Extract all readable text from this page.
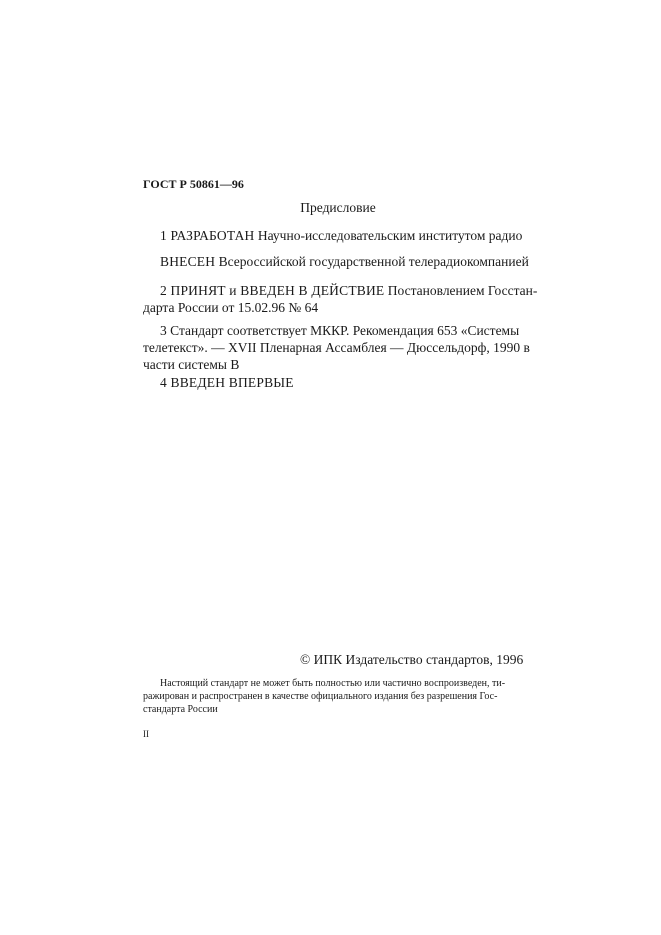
ГОСТ Р 50861—96
Предисловие
1 РАЗРАБОТАН Научно-исследовательским институтом радио
ВНЕСЕН Всероссийской государственной телерадиокомпанией
2 ПРИНЯТ и ВВЕДЕН В ДЕЙСТВИЕ Постановлением Госстан-
дарта России от 15.02.96 № 64
3 Стандарт соответствует МККР. Рекомендация 653 «Системы
телетекст». — XVII Пленарная Ассамблея — Дюссельдорф, 1990 в
части системы В
4 ВВЕДЕН ВПЕРВЫЕ
© ИПК Издательство стандартов, 1996
Настоящий стандарт не может быть полностью или частично воспроизведен, ти-
ражирован и распространен в качестве официального издания без разрешения Гос-
стандарта России
II
